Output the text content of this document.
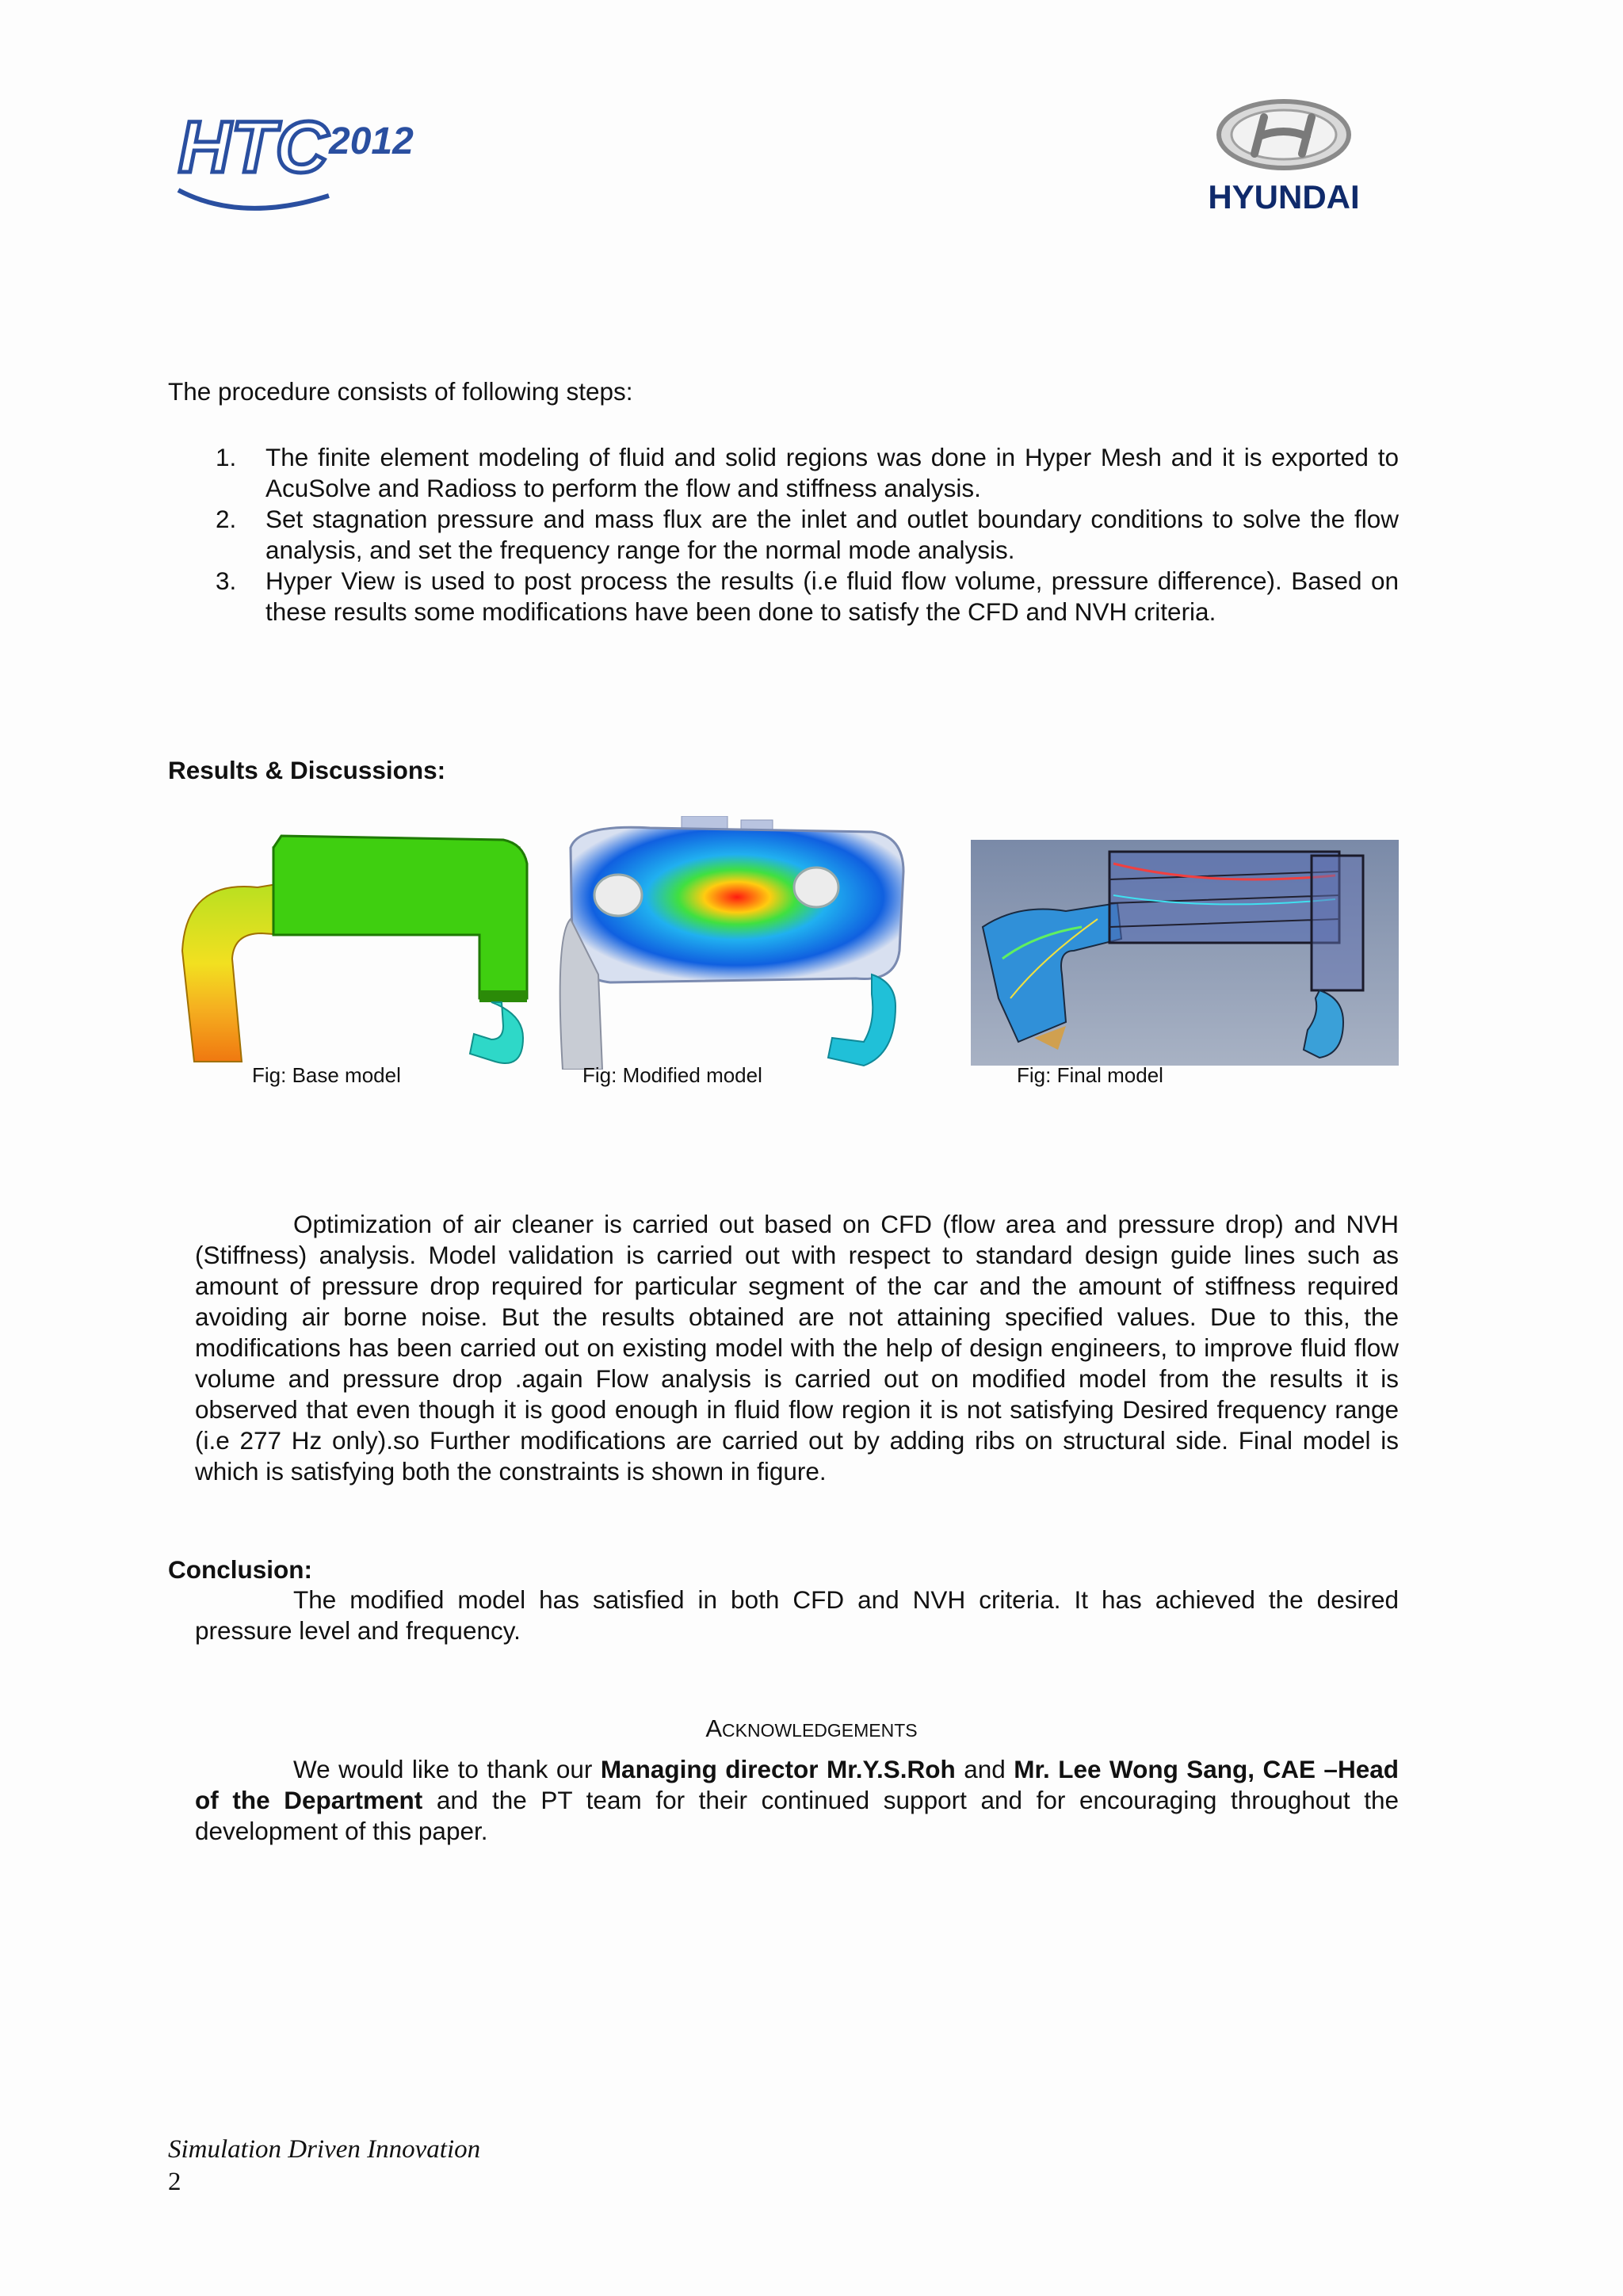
HTC 2012
HYUNDAI
The procedure consists of following steps:
1. The finite element modeling of fluid and solid regions was done in Hyper Mesh and it is exported to AcuSolve and Radioss to perform the flow and stiffness analysis.
2. Set stagnation pressure and mass flux are the inlet and outlet boundary conditions to solve the flow analysis, and set the frequency range for the normal mode analysis.
3. Hyper View is used to post process the results (i.e fluid flow volume, pressure difference). Based on these results some modifications have been done to satisfy the CFD and NVH criteria.
Results & Discussions:
Fig: Base model	Fig: Modified model	Fig: Final model
Optimization of air cleaner is carried out based on CFD (flow area and pressure drop) and NVH (Stiffness) analysis. Model validation is carried out with respect to standard design guide lines such as amount of pressure drop required for particular segment of the car and the amount of stiffness required avoiding air borne noise. But the results obtained are not attaining specified values. Due to this, the modifications has been carried out on existing model with the help of design engineers, to improve fluid flow volume and pressure drop .again Flow analysis is carried out on modified model from the results it is observed that even though it is good enough in fluid flow region it is not satisfying Desired frequency range (i.e 277 Hz only).so Further modifications are carried out by adding ribs on structural side. Final model is which is satisfying both the constraints is shown in figure.
Conclusion:
The modified model has satisfied in both CFD and NVH criteria. It has achieved the desired pressure level and frequency.
ACKNOWLEDGEMENTS
We would like to thank our Managing director Mr.Y.S.Roh and Mr. Lee Wong Sang, CAE –Head of the Department and the PT team for their continued support and for encouraging throughout the development of this paper.
Simulation Driven Innovation
2
